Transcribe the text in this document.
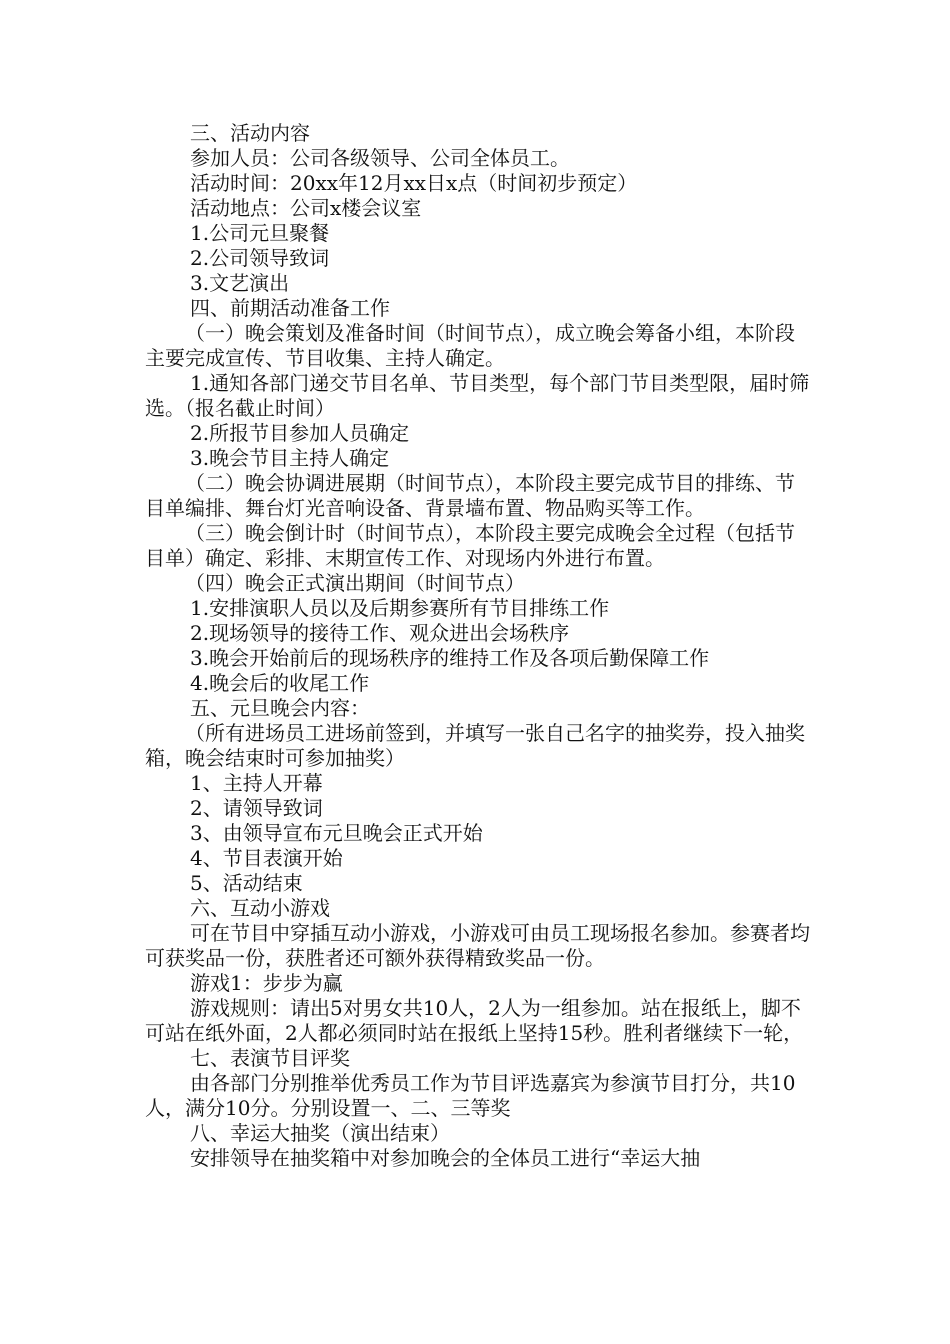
三、活动内容

参加人员：公司各级领导、公司全体员工。

活动时间：20xx年12月xx日x点（时间初步预定）

活动地点：公司x楼会议室

1.公司元旦聚餐

2.公司领导致词

3.文艺演出

四、前期活动准备工作

（一）晚会策划及准备时间（时间节点），成立晚会筹备小组，本阶段主要完成宣传、节目收集、主持人确定。

1.通知各部门递交节目名单、节目类型，每个部门节目类型限，届时筛选。（报名截止时间）

2.所报节目参加人员确定

3.晚会节目主持人确定

（二）晚会协调进展期（时间节点），本阶段主要完成节目的排练、节目单编排、舞台灯光音响设备、背景墙布置、物品购买等工作。

（三）晚会倒计时（时间节点），本阶段主要完成晚会全过程（包括节目单）确定、彩排、末期宣传工作、对现场内外进行布置。

（四）晚会正式演出期间（时间节点）

1.安排演职人员以及后期参赛所有节目排练工作

2.现场领导的接待工作、观众进出会场秩序

3.晚会开始前后的现场秩序的维持工作及各项后勤保障工作

4.晚会后的收尾工作

五、元旦晚会内容：

（所有进场员工进场前签到，并填写一张自己名字的抽奖券，投入抽奖箱，晚会结束时可参加抽奖）

1、主持人开幕

2、请领导致词

3、由领导宣布元旦晚会正式开始

4、节目表演开始

5、活动结束

六、互动小游戏

可在节目中穿插互动小游戏，小游戏可由员工现场报名参加。参赛者均可获奖品一份，获胜者还可额外获得精致奖品一份。

游戏1：步步为赢

游戏规则：请出5对男女共10人，2人为一组参加。站在报纸上，脚不可站在纸外面，2人都必须同时站在报纸上坚持15秒。胜利者继续下一轮，

七、表演节目评奖

由各部门分别推举优秀员工作为节目评选嘉宾为参演节目打分，共10人，满分10分。分别设置一、二、三等奖

八、幸运大抽奖（演出结束）

安排领导在抽奖箱中对参加晚会的全体员工进行“幸运大抽
